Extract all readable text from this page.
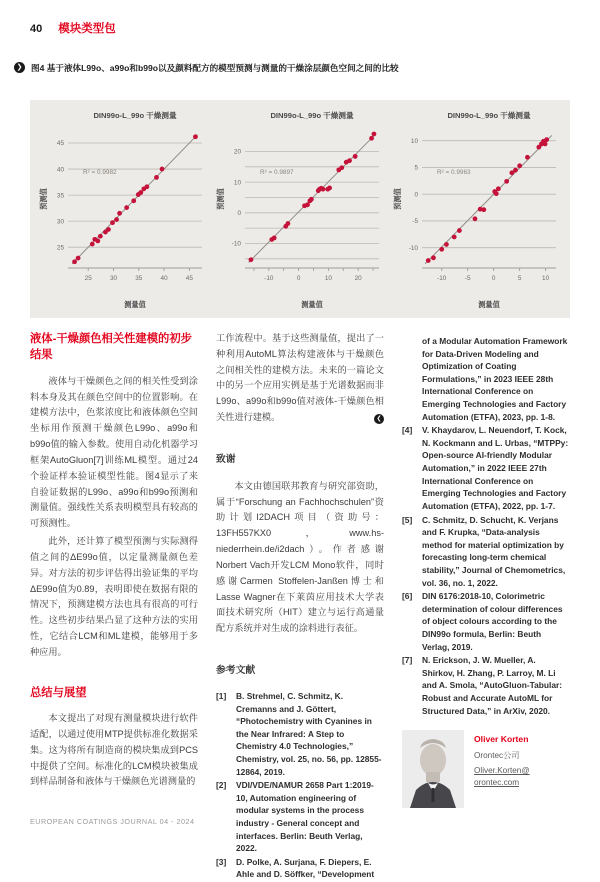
40 模块类型包
❯ 图4 基于液体L99o、a99o和b99o以及颜料配方的模型预测与测量的干燥涂层颜色空间之间的比较
DIN99o-L_99o 干燥测量
25
30
35
40
45
25	30	35	40	45
R² = 0.9982
预测值
测量值
DIN99o-L_99o 干燥测量
-10
0
10
20
-10	0	10	20
R² = 0.9897
预测值
测量值
DIN99o-L_99o 干燥测量
-10
-5
0
5
10
-10	-5	0	5	10
R² = 0.9963
预测值
测量值
液体-干燥颜色相关性建模的初步结果

液体与干燥颜色之间的相关性受到涂料本身及其在颜色空间中的位置影响。在建模方法中，色浆浓度比和液体颜色空间坐标用作预测干燥颜色L99o、a99o和b99o值的输入参数。使用自动化机器学习框架AutoGluon[7]训练ML模型。通过24个验证样本验证模型性能。图4显示了来自验证数据的L99o、a99o和b99o预测和测量值。强线性关系表明模型具有较高的可预测性。

此外，还计算了模型预测与实际测得值之间的ΔE99o值，以定量测量颜色差异。对方法的初步评估得出验证集的平均ΔE99o值为0.89，表明即使在数据有限的情况下，预测建模方法也具有很高的可行性。这些初步结果凸显了这种方法的实用性，它结合LCM和ML建模，能够用于多种应用。

总结与展望

本文提出了对现有测量模块进行软件适配，以通过使用MTP提供标准化数据采集。这为将所有制造商的模块集成到PCS中提供了空间。标准化的LCM模块被集成到样品制备和液体与干燥颜色光谱测量的

工作流程中。基于这些测量值，提出了一种利用AutoML算法构建液体与干燥颜色之间相关性的建模方法。未来的一篇论文中的另一个应用实例是基于光谱数据而非L99o、a99o和b99o值对液体-干燥颜色相关性进行建模。	❮

致谢

本文由德国联邦教育与研究部资助，属于“Forschung an Fachhochschulen”资助计划I2DACH项目（资助号：13FH557KX0，www.hs-niederrhein.de/i2dach）。作者感谢Norbert Vach开发LCM Mono软件，同时感谢Carmen Stoffelen-Janßen博士和Lasse Wagner在下莱茵应用技术大学表面技术研究所（HIT）建立与运行高通量配方系统并对生成的涂料进行表征。

参考文献
[1]	B. Strehmel, C. Schmitz, K. Cremanns and J. Göttert, “Photochemistry with Cyanines in the Near Infrared: A Step to Chemistry 4.0 Technologies,” Chemistry, vol. 25, no. 56, pp. 12855-12864, 2019.
[2]	VDI/VDE/NAMUR 2658 Part 1:2019-10, Automation engineering of modular systems in the process industry - General concept and interfaces. Berlin: Beuth Verlag, 2022.
[3]	D. Polke, A. Surjana, F. Diepers, E. Ahle and D. Söffker, “Development
of a Modular Automation Framework for Data-Driven Modeling and Optimization of Coating Formulations,” in 2023 IEEE 28th International Conference on Emerging Technologies and Factory Automation (ETFA), 2023, pp. 1-8.
[4]	V. Khaydarov, L. Neuendorf, T. Kock, N. Kockmann and L. Urbas, “MTPPy: Open-source AI-friendly Modular Automation,” in 2022 IEEE 27th International Conference on Emerging Technologies and Factory Automation (ETFA), 2022, pp. 1-7.
[5]	C. Schmitz, D. Schucht, K. Verjans and F. Krupka, “Data-analysis method for material optimization by forecasting long-term chemical stability,” Journal of Chemometrics, vol. 36, no. 1, 2022.
[6]	DIN 6176:2018-10, Colorimetric determination of colour differences of object colours according to the DIN99o formula, Berlin: Beuth Verlag, 2019.
[7]	N. Erickson, J. W. Mueller, A. Shirkov, H. Zhang, P. Larroy, M. Li and A. Smola, “AutoGluon-Tabular: Robust and Accurate AutoML for Structured Data,” in ArXiv, 2020.
Oliver Korten
Orontec公司
Oliver.Korten@
orontec.com
EUROPEAN COATINGS JOURNAL 04 - 2024
